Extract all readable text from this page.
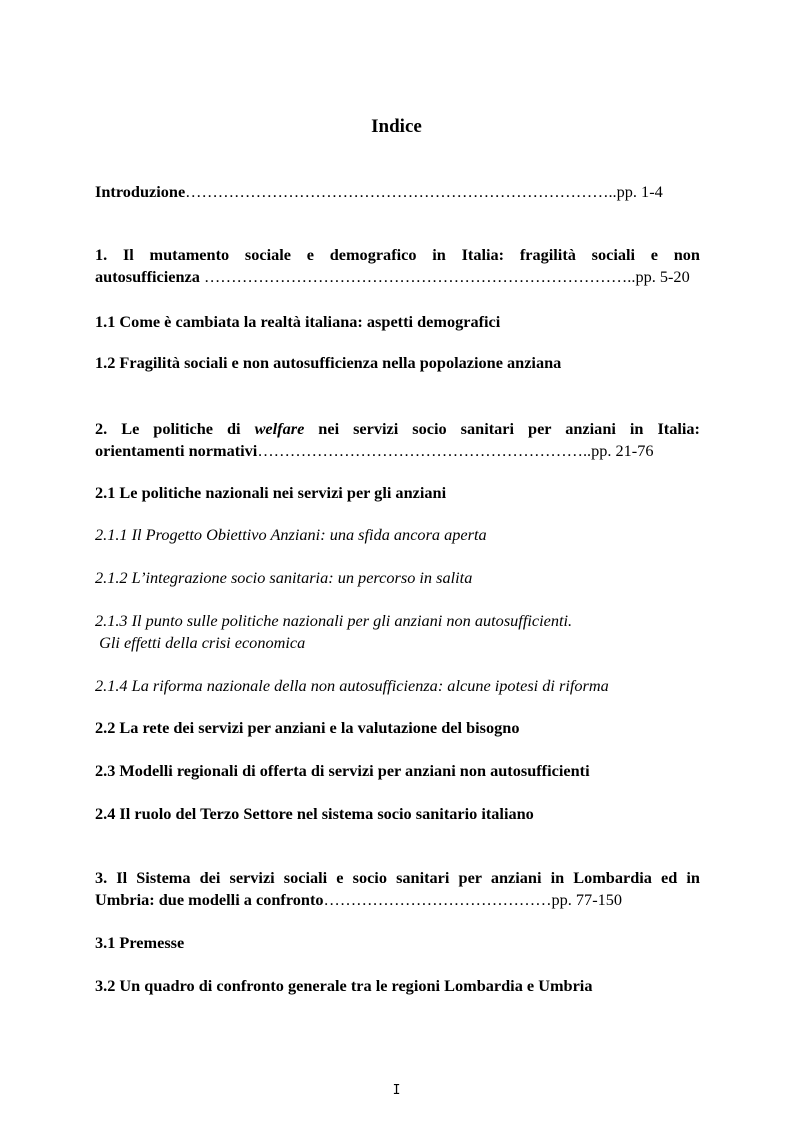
Indice
Introduzione……………………………………………………………………..pp. 1-4
1. Il mutamento sociale e demografico in Italia: fragilità sociali e non
autosufficienza ……………………………………………………………………..pp. 5-20
1.1 Come è cambiata la realtà italiana: aspetti demografici
1.2 Fragilità sociali e non autosufficienza nella popolazione anziana
2. Le politiche di welfare nei servizi socio sanitari per anziani in Italia:
orientamenti normativi……………………………………………………..pp. 21-76
2.1 Le politiche nazionali nei servizi per gli anziani
2.1.1 Il Progetto Obiettivo Anziani: una sfida ancora aperta
2.1.2 L’integrazione socio sanitaria: un percorso in salita
2.1.3 Il punto sulle politiche nazionali per gli anziani non autosufficienti.
Gli effetti della crisi economica
2.1.4 La riforma nazionale della non autosufficienza: alcune ipotesi di riforma
2.2 La rete dei servizi per anziani e la valutazione del bisogno
2.3 Modelli regionali di offerta di servizi per anziani non autosufficienti
2.4 Il ruolo del Terzo Settore nel sistema socio sanitario italiano
3. Il Sistema dei servizi sociali e socio sanitari per anziani in Lombardia ed in
Umbria: due modelli a confronto……………………………………pp. 77-150
3.1 Premesse
3.2 Un quadro di confronto generale tra le regioni Lombardia e Umbria
I
